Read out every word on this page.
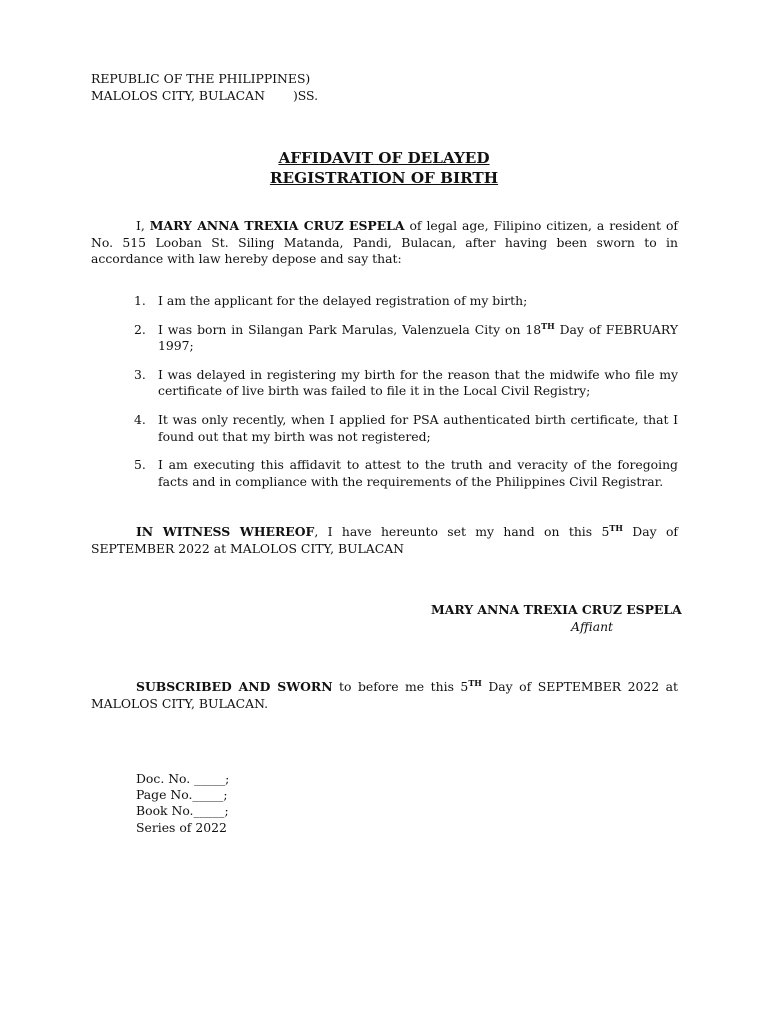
REPUBLIC OF THE PHILIPPINES)
MALOLOS CITY, BULACAN )SS.
AFFIDAVIT OF DELAYED
REGISTRATION OF BIRTH
I, MARY ANNA TREXIA CRUZ ESPELA of legal age, Filipino citizen, a resident of No. 515 Looban St. Siling Matanda, Pandi, Bulacan, after having been sworn to in accordance with law hereby depose and say that:
1. I am the applicant for the delayed registration of my birth;
2. I was born in Silangan Park Marulas, Valenzuela City on 18TH Day of FEBRUARY 1997;
3. I was delayed in registering my birth for the reason that the midwife who file my certificate of live birth was failed to file it in the Local Civil Registry;
4. It was only recently, when I applied for PSA authenticated birth certificate, that I found out that my birth was not registered;
5. I am executing this affidavit to attest to the truth and veracity of the foregoing facts and in compliance with the requirements of the Philippines Civil Registrar.
IN WITNESS WHEREOF, I have hereunto set my hand on this 5TH Day of SEPTEMBER 2022 at MALOLOS CITY, BULACAN
MARY ANNA TREXIA CRUZ ESPELA
Affiant
SUBSCRIBED AND SWORN to before me this 5TH Day of SEPTEMBER 2022 at MALOLOS CITY, BULACAN.
Doc. No. _____;
Page No._____;
Book No._____;
Series of 2022
